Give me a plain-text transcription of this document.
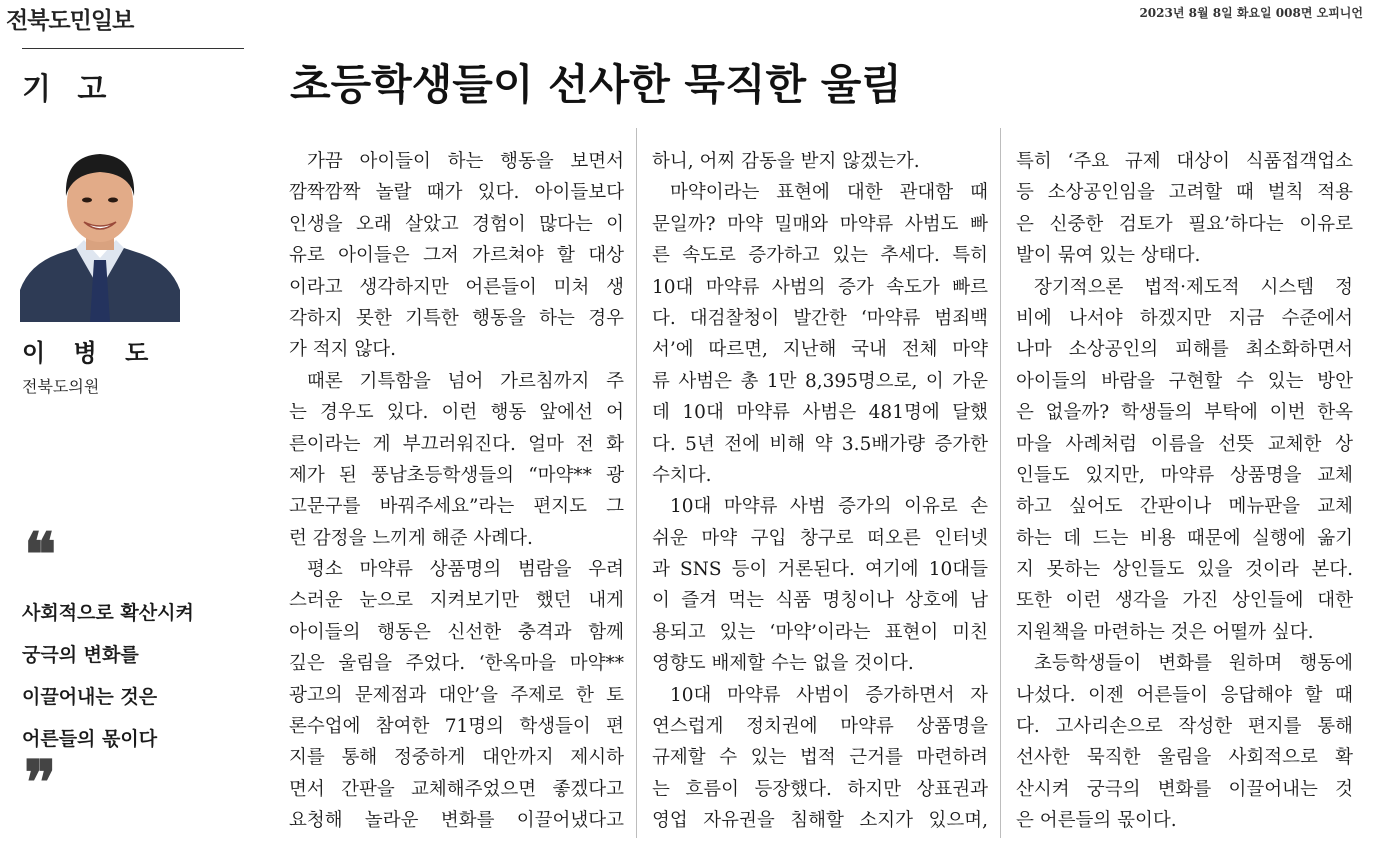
전북도민일보	2023년 8월 8일 화요일 008면 오피니언
기 고	초등학생들이 선사한 묵직한 울림
이 병 도
전북도의원
❝
사회적으로 확산시켜
궁극의 변화를
이끌어내는 것은
어른들의 몫이다
❞
가끔 아이들이 하는 행동을 보면서
깜짝깜짝 놀랄 때가 있다. 아이들보다
인생을 오래 살았고 경험이 많다는 이
유로 아이들은 그저 가르쳐야 할 대상
이라고 생각하지만 어른들이 미처 생
각하지 못한 기특한 행동을 하는 경우
가 적지 않다.
때론 기특함을 넘어 가르침까지 주
는 경우도 있다. 이런 행동 앞에선 어
른이라는 게 부끄러워진다. 얼마 전 화
제가 된 풍남초등학생들의 “마약** 광
고문구를 바꿔주세요”라는 편지도 그
런 감정을 느끼게 해준 사례다.
평소 마약류 상품명의 범람을 우려
스러운 눈으로 지켜보기만 했던 내게
아이들의 행동은 신선한 충격과 함께
깊은 울림을 주었다. ‘한옥마을 마약**
광고의 문제점과 대안’을 주제로 한 토
론수업에 참여한 71명의 학생들이 편
지를 통해 정중하게 대안까지 제시하
면서 간판을 교체해주었으면 좋겠다고
요청해 놀라운 변화를 이끌어냈다고
하니, 어찌 감동을 받지 않겠는가.
마약이라는 표현에 대한 관대함 때
문일까? 마약 밀매와 마약류 사범도 빠
른 속도로 증가하고 있는 추세다. 특히
10대 마약류 사범의 증가 속도가 빠르
다. 대검찰청이 발간한 ‘마약류 범죄백
서’에 따르면, 지난해 국내 전체 마약
류 사범은 총 1만 8,395명으로, 이 가운
데 10대 마약류 사범은 481명에 달했
다. 5년 전에 비해 약 3.5배가량 증가한
수치다.
10대 마약류 사범 증가의 이유로 손
쉬운 마약 구입 창구로 떠오른 인터넷
과 SNS 등이 거론된다. 여기에 10대들
이 즐겨 먹는 식품 명칭이나 상호에 남
용되고 있는 ‘마약’이라는 표현이 미친
영향도 배제할 수는 없을 것이다.
10대 마약류 사범이 증가하면서 자
연스럽게 정치권에 마약류 상품명을
규제할 수 있는 법적 근거를 마련하려
는 흐름이 등장했다. 하지만 상표권과
영업 자유권을 침해할 소지가 있으며,
특히 ‘주요 규제 대상이 식품접객업소
등 소상공인임을 고려할 때 벌칙 적용
은 신중한 검토가 필요’하다는 이유로
발이 묶여 있는 상태다.
장기적으론 법적·제도적 시스템 정
비에 나서야 하겠지만 지금 수준에서
나마 소상공인의 피해를 최소화하면서
아이들의 바람을 구현할 수 있는 방안
은 없을까? 학생들의 부탁에 이번 한옥
마을 사례처럼 이름을 선뜻 교체한 상
인들도 있지만, 마약류 상품명을 교체
하고 싶어도 간판이나 메뉴판을 교체
하는 데 드는 비용 때문에 실행에 옮기
지 못하는 상인들도 있을 것이라 본다.
또한 이런 생각을 가진 상인들에 대한
지원책을 마련하는 것은 어떨까 싶다.
초등학생들이 변화를 원하며 행동에
나섰다. 이젠 어른들이 응답해야 할 때
다. 고사리손으로 작성한 편지를 통해
선사한 묵직한 울림을 사회적으로 확
산시켜 궁극의 변화를 이끌어내는 것
은 어른들의 몫이다.
